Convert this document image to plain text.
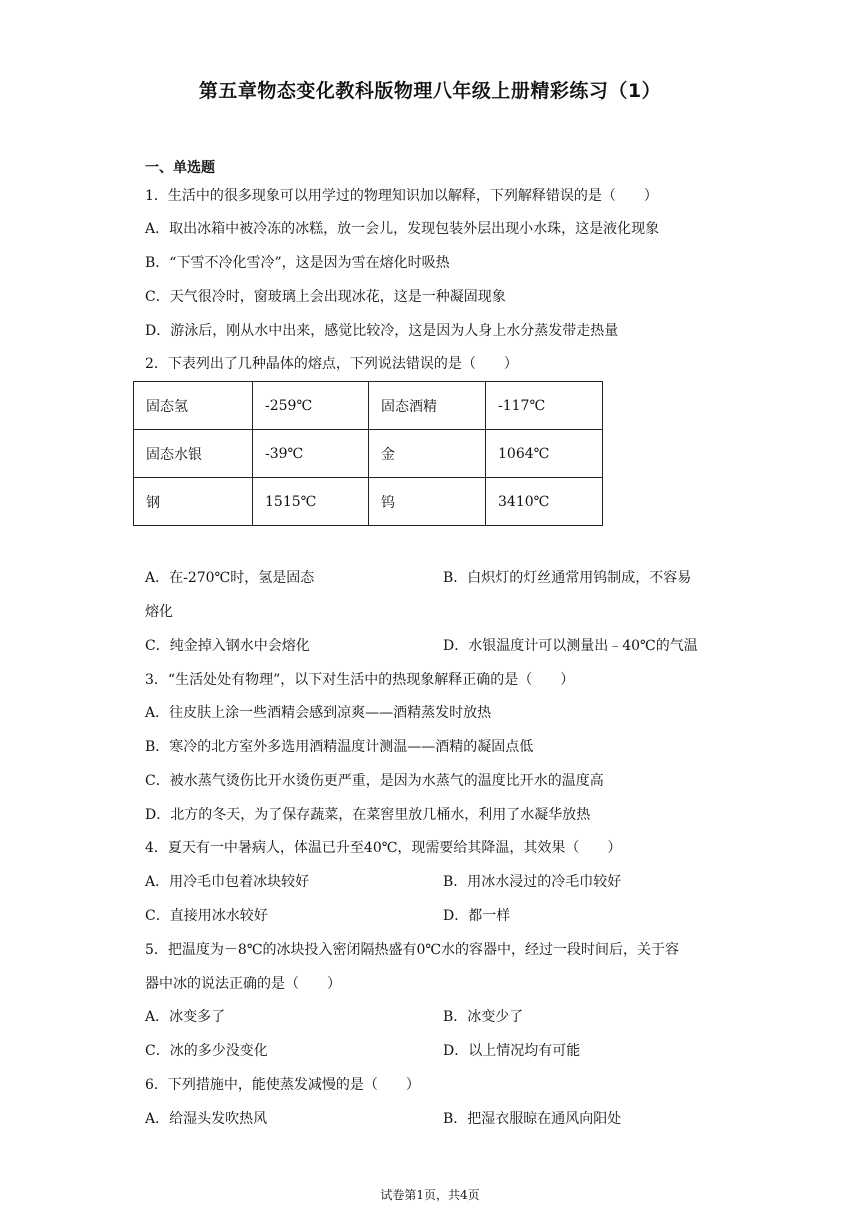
第五章物态变化教科版物理八年级上册精彩练习（1）
一、单选题
1．生活中的很多现象可以用学过的物理知识加以解释，下列解释错误的是（　　）
A．取出冰箱中被冷冻的冰糕，放一会儿，发现包装外层出现小水珠，这是液化现象
B．“下雪不冷化雪冷”，这是因为雪在熔化时吸热
C．天气很冷时，窗玻璃上会出现冰花，这是一种凝固现象
D．游泳后，刚从水中出来，感觉比较冷，这是因为人身上水分蒸发带走热量
2．下表列出了几种晶体的熔点，下列说法错误的是（　　）
固态氢	-259℃	固态酒精	-117℃
固态水银	-39℃	金	1064℃
钢	1515℃	钨	3410℃
A．在-270℃时，氢是固态	B．白炽灯的灯丝通常用钨制成，不容易
熔化
C．纯金掉入钢水中会熔化	D．水银温度计可以测量出﹣40℃的气温
3．“生活处处有物理”，以下对生活中的热现象解释正确的是（　　）
A．往皮肤上涂一些酒精会感到凉爽——酒精蒸发时放热
B．寒冷的北方室外多选用酒精温度计测温——酒精的凝固点低
C．被水蒸气烫伤比开水烫伤更严重，是因为水蒸气的温度比开水的温度高
D．北方的冬天，为了保存蔬菜，在菜窖里放几桶水，利用了水凝华放热
4．夏天有一中暑病人，体温已升至40℃，现需要给其降温，其效果（　　）
A．用冷毛巾包着冰块较好	B．用冰水浸过的冷毛巾较好
C．直接用冰水较好	D．都一样
5．把温度为－8℃的冰块投入密闭隔热盛有0℃水的容器中，经过一段时间后，关于容
器中冰的说法正确的是（　　）
A．冰变多了	B．冰变少了
C．冰的多少没变化	D．以上情况均有可能
6．下列措施中，能使蒸发减慢的是（　　）
A．给湿头发吹热风	B．把湿衣服晾在通风向阳处
试卷第1页，共4页
